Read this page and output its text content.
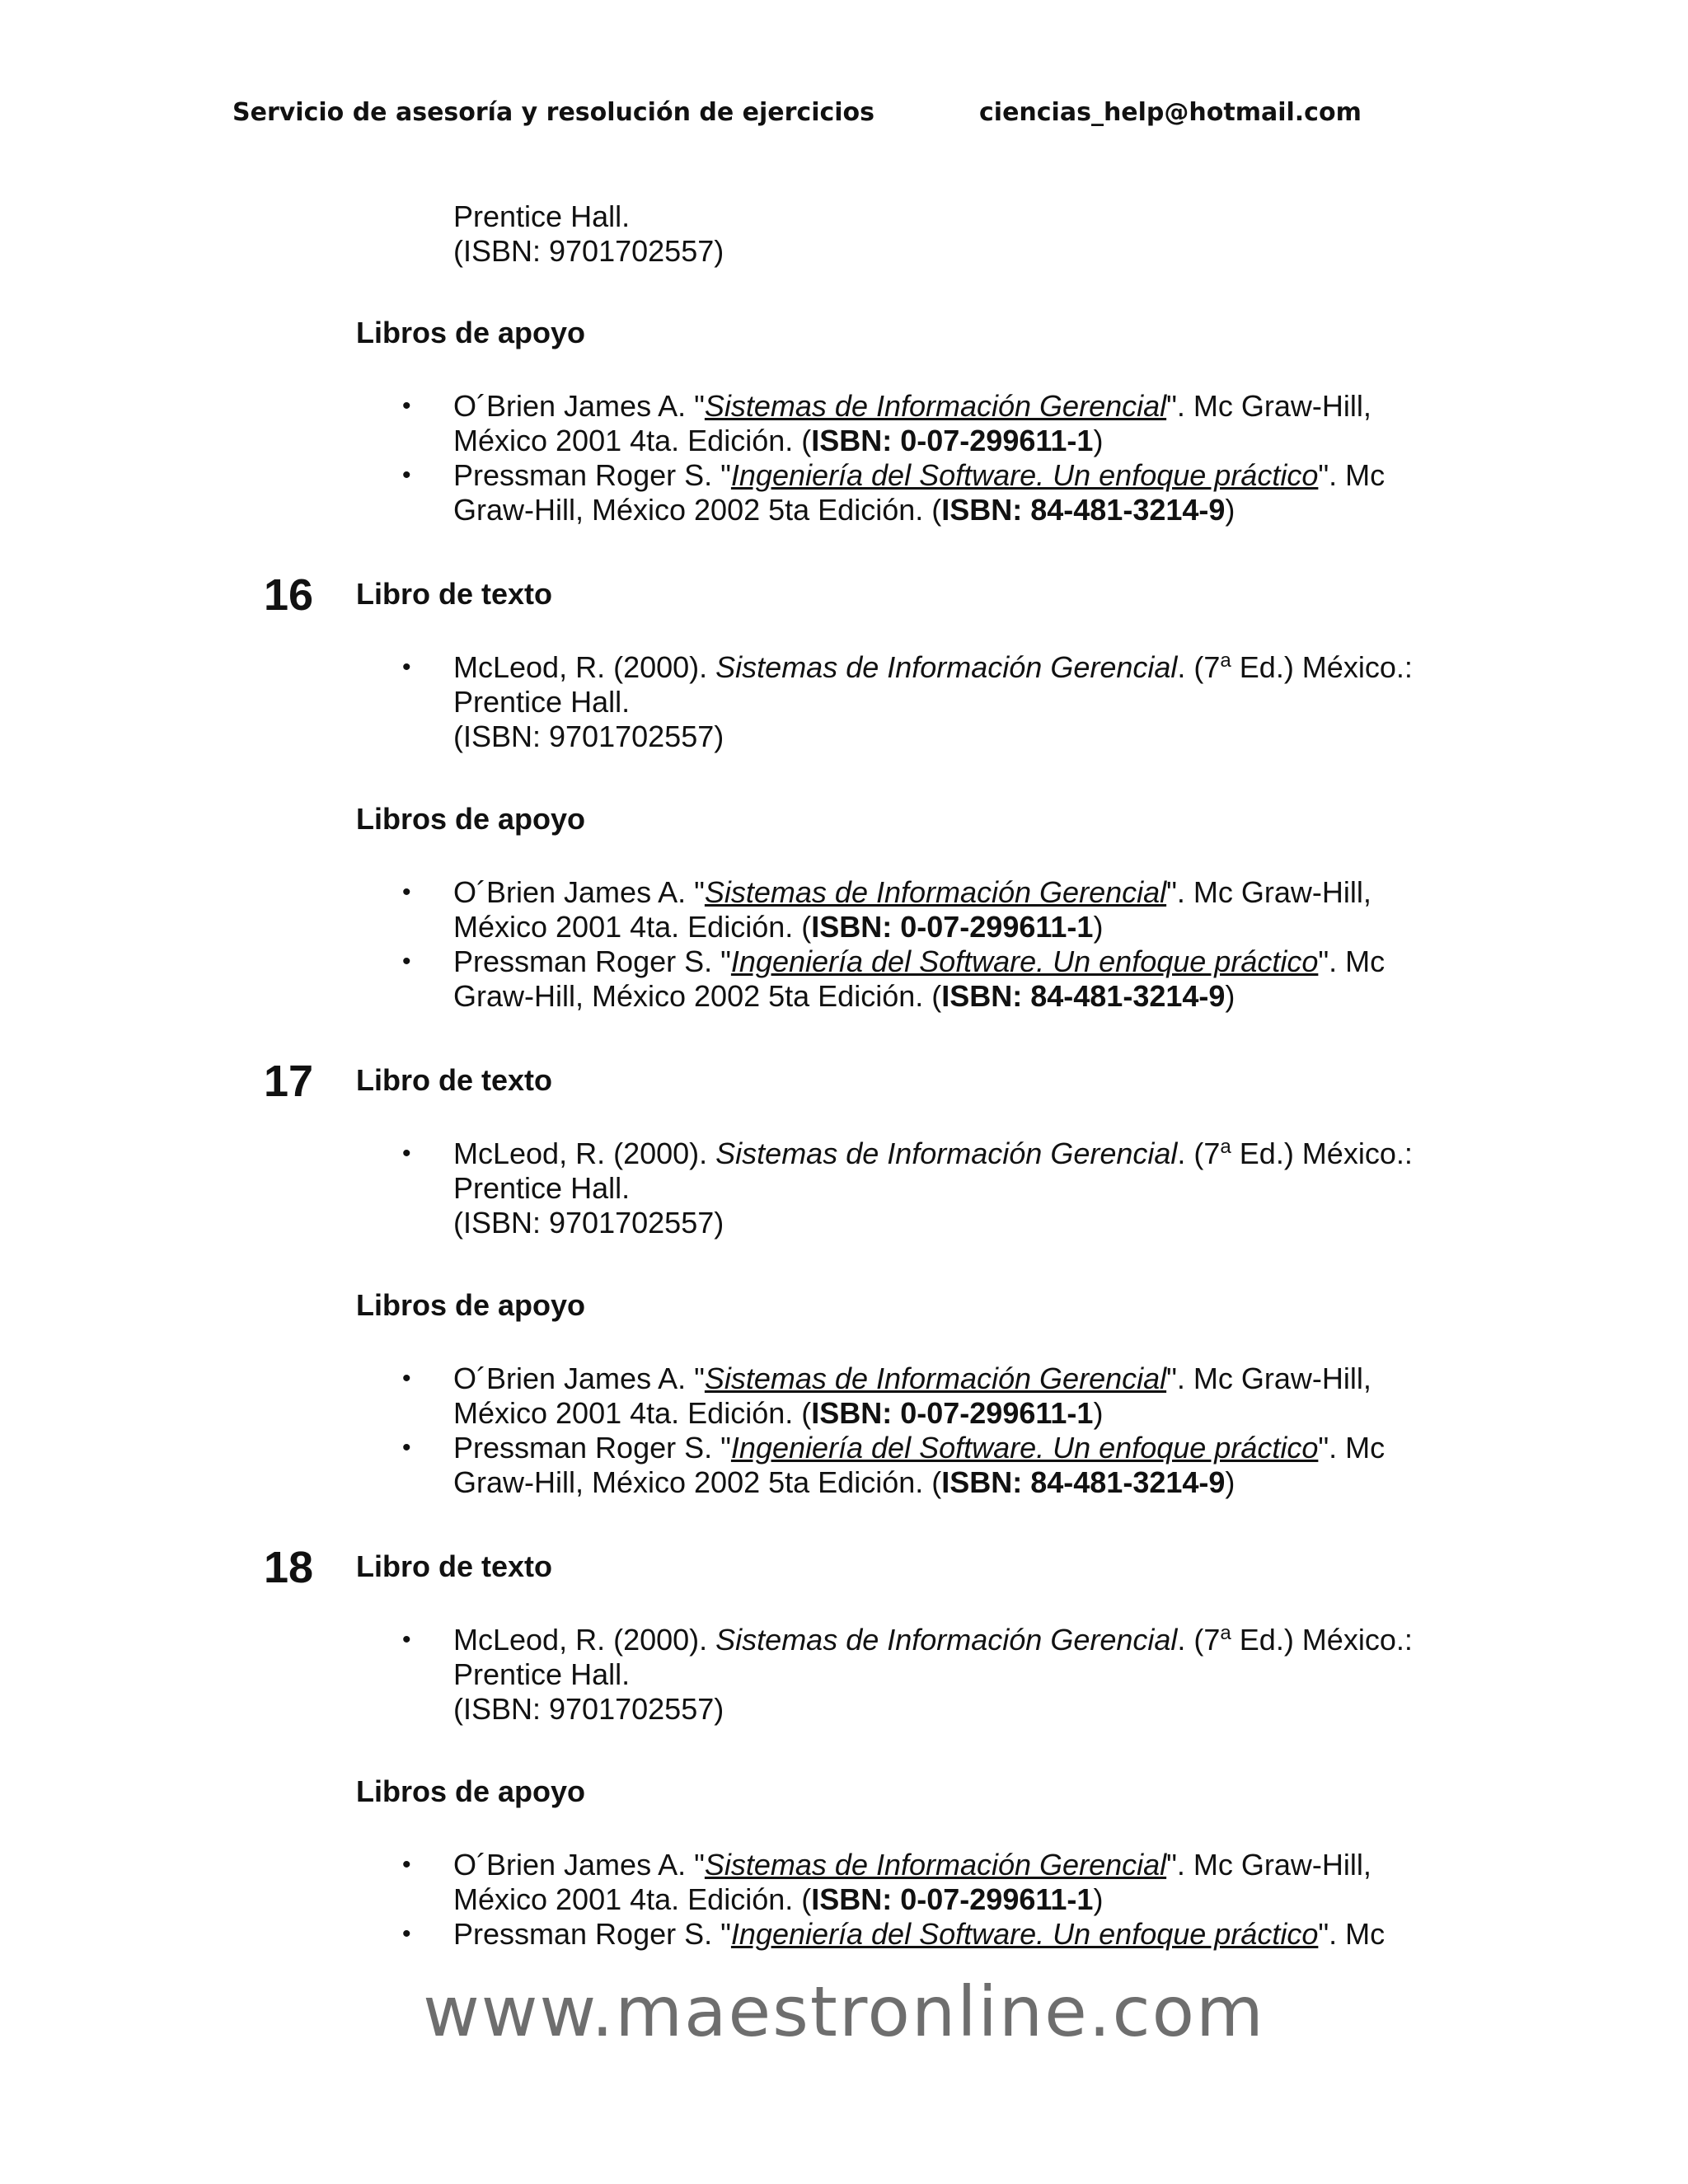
Servicio de asesoría y resolución de ejercicios	ciencias_help@hotmail.com
Prentice Hall.
(ISBN: 9701702557)
Libros de apoyo
• O´Brien James A. "Sistemas de Información Gerencial". Mc Graw-Hill,
México 2001 4ta. Edición. (ISBN: 0-07-299611-1)
• Pressman Roger S. "Ingeniería del Software. Un enfoque práctico". Mc
Graw-Hill, México 2002 5ta Edición. (ISBN: 84-481-3214-9)
16 Libro de texto
• McLeod, R. (2000). Sistemas de Información Gerencial. (7$^a$ Ed.) México.:
Prentice Hall.
(ISBN: 9701702557)
Libros de apoyo
• O´Brien James A. "Sistemas de Información Gerencial". Mc Graw-Hill,
México 2001 4ta. Edición. (ISBN: 0-07-299611-1)
• Pressman Roger S. "Ingeniería del Software. Un enfoque práctico". Mc
Graw-Hill, México 2002 5ta Edición. (ISBN: 84-481-3214-9)
17 Libro de texto
• McLeod, R. (2000). Sistemas de Información Gerencial. (7$^a$ Ed.) México.:
Prentice Hall.
(ISBN: 9701702557)
Libros de apoyo
• O´Brien James A. "Sistemas de Información Gerencial". Mc Graw-Hill,
México 2001 4ta. Edición. (ISBN: 0-07-299611-1)
• Pressman Roger S. "Ingeniería del Software. Un enfoque práctico". Mc
Graw-Hill, México 2002 5ta Edición. (ISBN: 84-481-3214-9)
18 Libro de texto
• McLeod, R. (2000). Sistemas de Información Gerencial. (7$^a$ Ed.) México.:
Prentice Hall.
(ISBN: 9701702557)
Libros de apoyo
• O´Brien James A. "Sistemas de Información Gerencial". Mc Graw-Hill,
México 2001 4ta. Edición. (ISBN: 0-07-299611-1)
• Pressman Roger S. "Ingeniería del Software. Un enfoque práctico". Mc
www.maestronline.com
